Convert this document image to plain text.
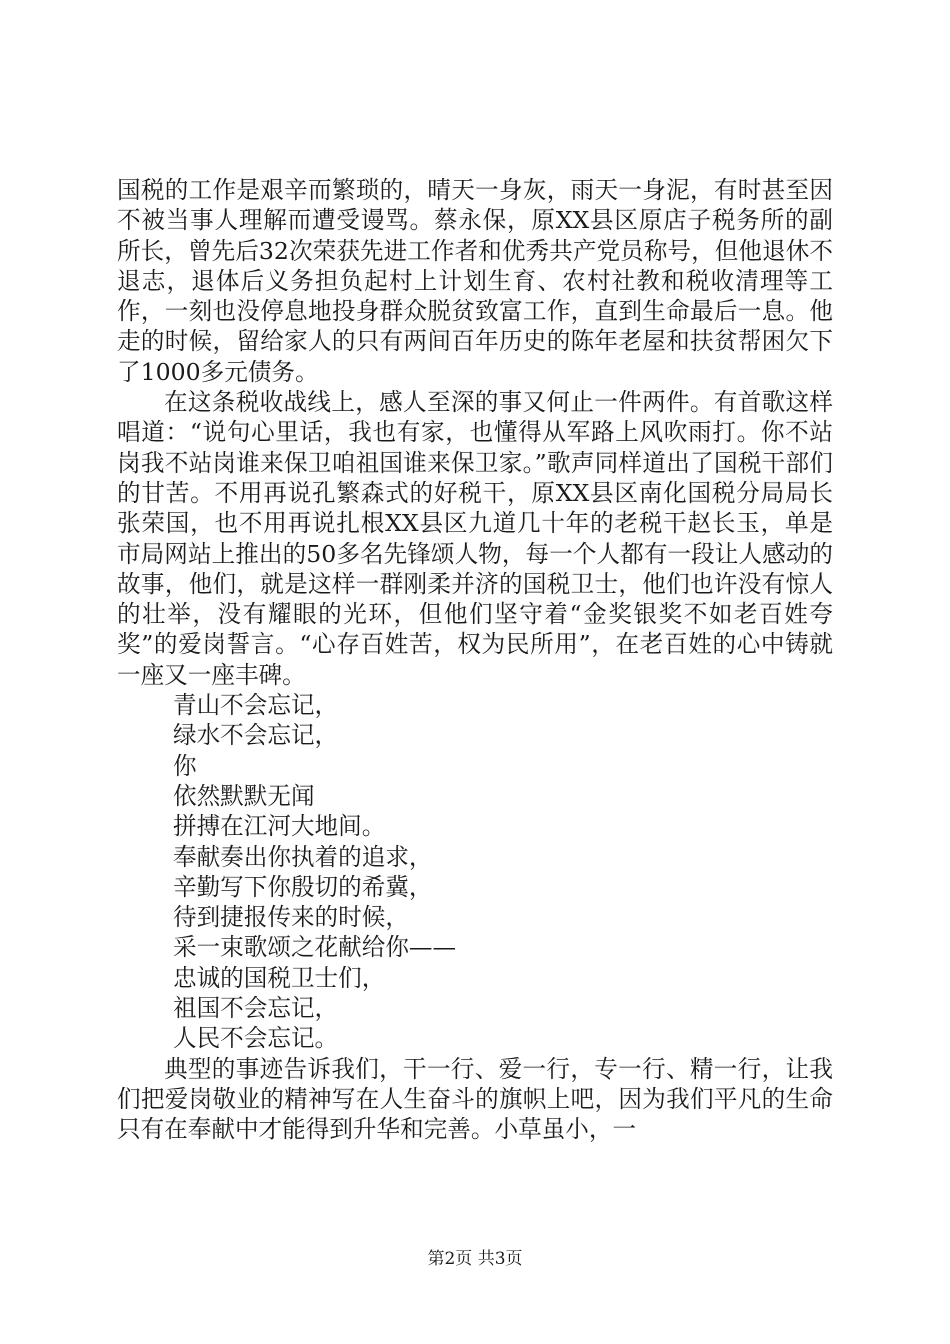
国税的工作是艰辛而繁琐的，晴天一身灰，雨天一身泥，有时甚至因不被当事人理解而遭受谩骂。蔡永保，原XX县区原店子税务所的副所长，曾先后32次荣获先进工作者和优秀共产党员称号，但他退休不退志，退体后义务担负起村上计划生育、农村社教和税收清理等工作，一刻也没停息地投身群众脱贫致富工作，直到生命最后一息。他走的时候，留给家人的只有两间百年历史的陈年老屋和扶贫帮困欠下了1000多元债务。

在这条税收战线上，感人至深的事又何止一件两件。有首歌这样唱道：“说句心里话，我也有家，也懂得从军路上风吹雨打。你不站岗我不站岗谁来保卫咱祖国谁来保卫家。”歌声同样道出了国税干部们的甘苦。不用再说孔繁森式的好税干，原XX县区南化国税分局局长张荣国，也不用再说扎根XX县区九道几十年的老税干赵长玉，单是市局网站上推出的50多名先锋颂人物，每一个人都有一段让人感动的故事，他们，就是这样一群刚柔并济的国税卫士，他们也许没有惊人的壮举，没有耀眼的光环，但他们坚守着“金奖银奖不如老百姓夸奖”的爱岗誓言。“心存百姓苦，权为民所用”，在老百姓的心中铸就一座又一座丰碑。

青山不会忘记，
绿水不会忘记，
你
依然默默无闻
拼搏在江河大地间。
奉献奏出你执着的追求，
辛勤写下你殷切的希冀，
待到捷报传来的时候，
采一束歌颂之花献给你——
忠诚的国税卫士们，
祖国不会忘记，
人民不会忘记。

典型的事迹告诉我们，干一行、爱一行，专一行、精一行，让我们把爱岗敬业的精神写在人生奋斗的旗帜上吧，因为我们平凡的生命只有在奉献中才能得到升华和完善。小草虽小，一

第2页 共3页
